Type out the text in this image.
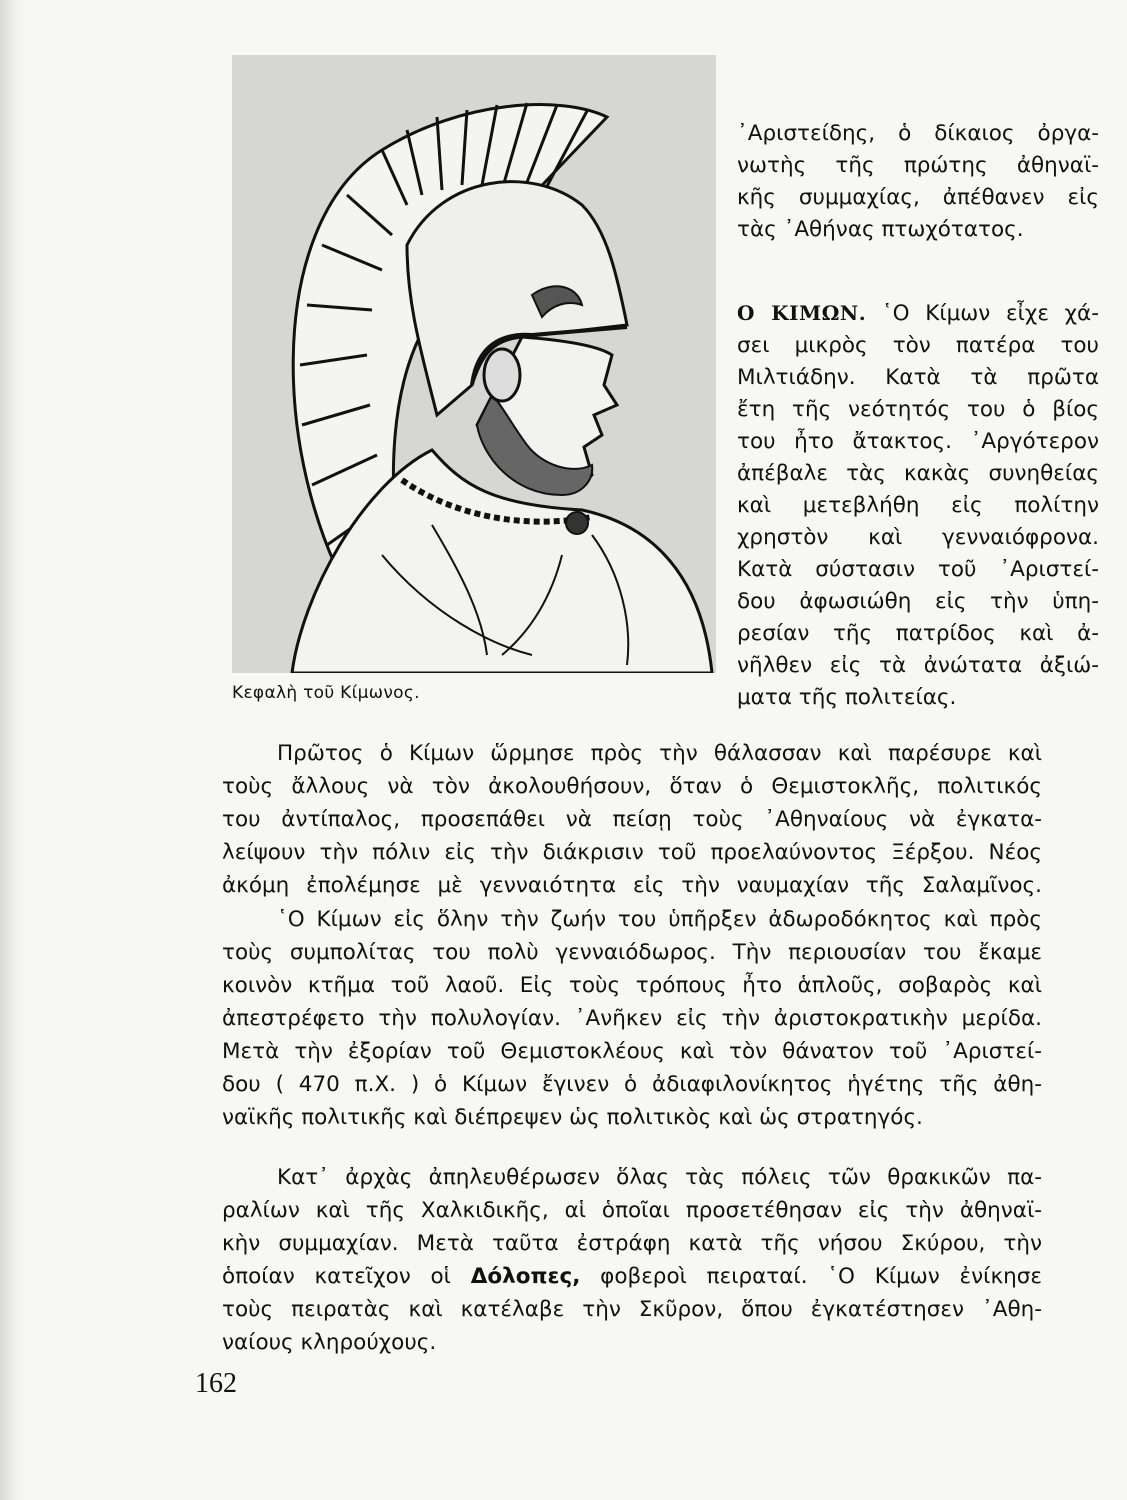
Κεφαλὴ τοῦ Κίμωνος.
᾿Αριστείδης, ὁ δίκαιος ὀργα-
νωτὴς τῆς πρώτης ἀθηναϊ-
κῆς συμμαχίας, ἀπέθανεν εἰς
τὰς ᾿Αθήνας πτωχότατος.
Ο ΚΙΜΩΝ. ῾Ο Κίμων εἶχε χά-
σει μικρὸς τὸν πατέρα του
Μιλτιάδην. Κατὰ τὰ πρῶτα
ἔτη τῆς νεότητός του ὁ βίος
του ἦτο ἄτακτος. ᾿Αργότερον
ἀπέβαλε τὰς κακὰς συνηθείας
καὶ μετεβλήθη εἰς πολίτην
χρηστὸν καὶ γενναιόφρονα.
Κατὰ σύστασιν τοῦ ᾿Αριστεί-
δου ἀφωσιώθη εἰς τὴν ὑπη-
ρεσίαν τῆς πατρίδος καὶ ἀ-
νῆλθεν εἰς τὰ ἀνώτατα ἀξιώ-
ματα τῆς πολιτείας.
Πρῶτος ὁ Κίμων ὥρμησε πρὸς τὴν θάλασσαν καὶ παρέσυρε καὶ
τοὺς ἄλλους νὰ τὸν ἀκολουθήσουν, ὅταν ὁ Θεμιστοκλῆς, πολιτικός
του ἀντίπαλος, προσεπάθει νὰ πείσῃ τοὺς ᾿Αθηναίους νὰ ἐγκατα-
λείψουν τὴν πόλιν εἰς τὴν διάκρισιν τοῦ προελαύνοντος Ξέρξου. Νέος
ἀκόμη ἐπολέμησε μὲ γενναιότητα εἰς τὴν ναυμαχίαν τῆς Σαλαμῖνος.
῾Ο Κίμων εἰς ὅλην τὴν ζωήν του ὑπῆρξεν ἀδωροδόκητος καὶ πρὸς
τοὺς συμπολίτας του πολὺ γενναιόδωρος. Τὴν περιουσίαν του ἔκαμε
κοινὸν κτῆμα τοῦ λαοῦ. Εἰς τοὺς τρόπους ἦτο ἁπλοῦς, σοβαρὸς καὶ
ἀπεστρέφετο τὴν πολυλογίαν. ᾿Ανῆκεν εἰς τὴν ἀριστοκρατικὴν μερίδα.
Μετὰ τὴν ἐξορίαν τοῦ Θεμιστοκλέους καὶ τὸν θάνατον τοῦ ᾿Αριστεί-
δου ( 470 π.Χ. ) ὁ Κίμων ἔγινεν ὁ ἀδιαφιλονίκητος ἡγέτης τῆς ἀθη-
ναϊκῆς πολιτικῆς καὶ διέπρεψεν ὡς πολιτικὸς καὶ ὡς στρατηγός.
Κατ᾿ ἀρχὰς ἀπηλευθέρωσεν ὅλας τὰς πόλεις τῶν θρακικῶν πα-
ραλίων καὶ τῆς Χαλκιδικῆς, αἱ ὁποῖαι προσετέθησαν εἰς τὴν ἀθηναϊ-
κὴν συμμαχίαν. Μετὰ ταῦτα ἐστράφη κατὰ τῆς νήσου Σκύρου, τὴν
ὁποίαν κατεῖχον οἱ Δόλοπες, φοβεροὶ πειραταί. ῾Ο Κίμων ἐνίκησε
τοὺς πειρατὰς καὶ κατέλαβε τὴν Σκῦρον, ὅπου ἐγκατέστησεν ᾿Αθη-
ναίους κληρούχους.
162
